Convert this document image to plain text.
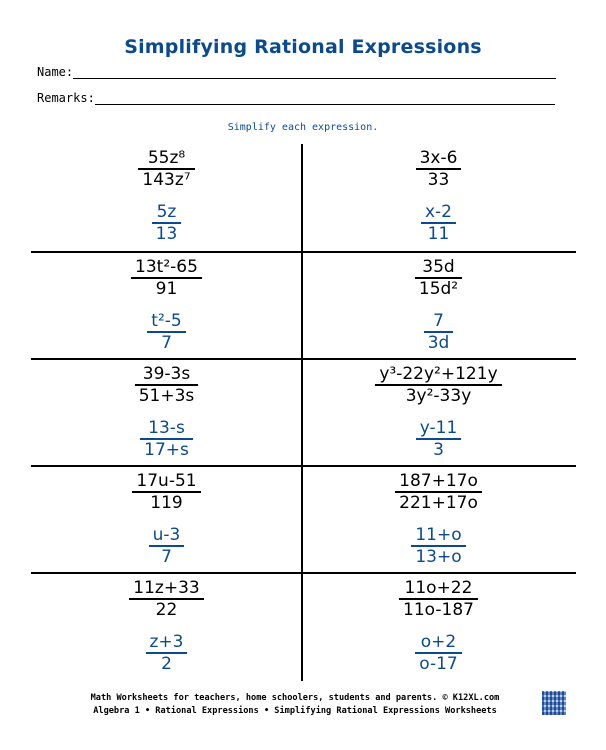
Simplifying Rational Expressions
Name:
Remarks:
Simplify each expression.
$\frac{\text{55z⁸}}{\text{143z⁷}}$
$\frac{5z}{13}$
$\frac{3x-6}{33}$
$\frac{x-2}{11}$
$\frac{\text{13t²-65}}{91}$
$\frac{\text{t²-5}}{7}$
$\frac{35d}{\text{15d²}}$
$\frac{7}{3d}$
$\frac{39-3s}{51+3s}$
$\frac{13-s}{17+s}$
$\frac{\text{y³-22y²+121y}}{\text{3y²-33y}}$
$\frac{y-11}{3}$
$\frac{17u-51}{119}$
$\frac{u-3}{7}$
$\frac{187+17o}{221+17o}$
$\frac{11+o}{13+o}$
$\frac{11z+33}{22}$
$\frac{z+3}{2}$
$\frac{11o+22}{11o-187}$
$\frac{o+2}{o-17}$
Math Worksheets for teachers, home schoolers, students and parents. © K12XL.com
Algebra 1 • Rational Expressions • Simplifying Rational Expressions Worksheets
